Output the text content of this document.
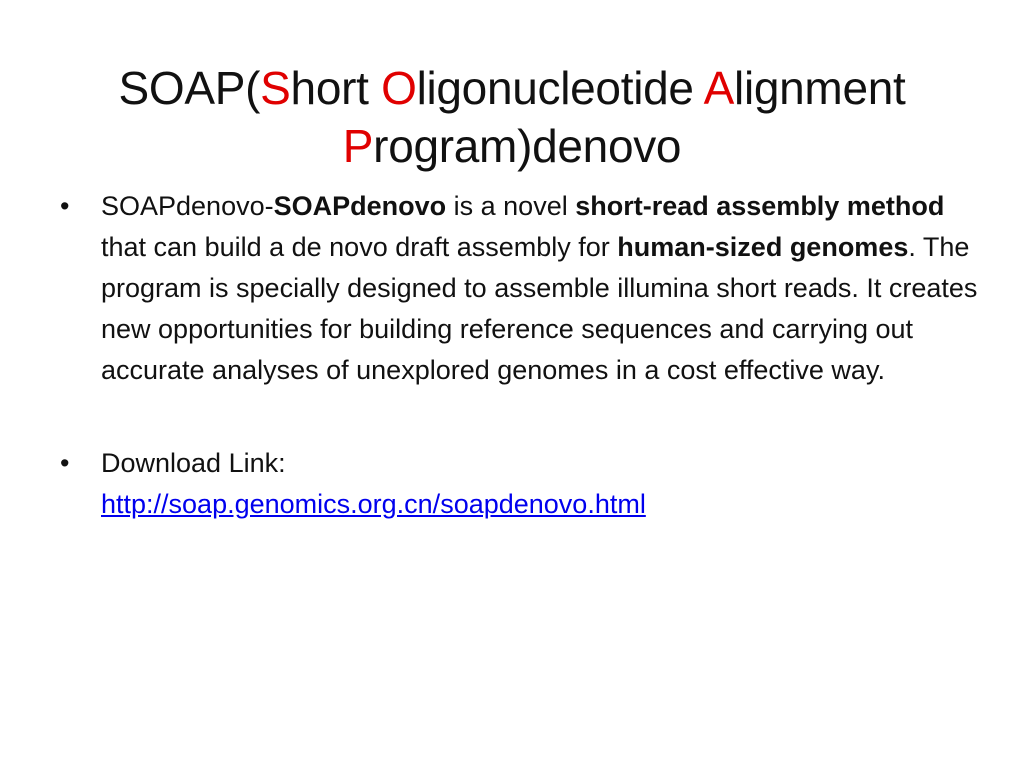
SOAP(Short Oligonucleotide Alignment
Program)denovo
•	SOAPdenovo-SOAPdenovo is a novel short-read assembly method that can build a de novo draft assembly for human-sized genomes. The program is specially designed to assemble illumina short reads. It creates new opportunities for building reference sequences and carrying out accurate analyses of unexplored genomes in a cost effective way.
•	Download Link:
http://soap.genomics.org.cn/soapdenovo.html
